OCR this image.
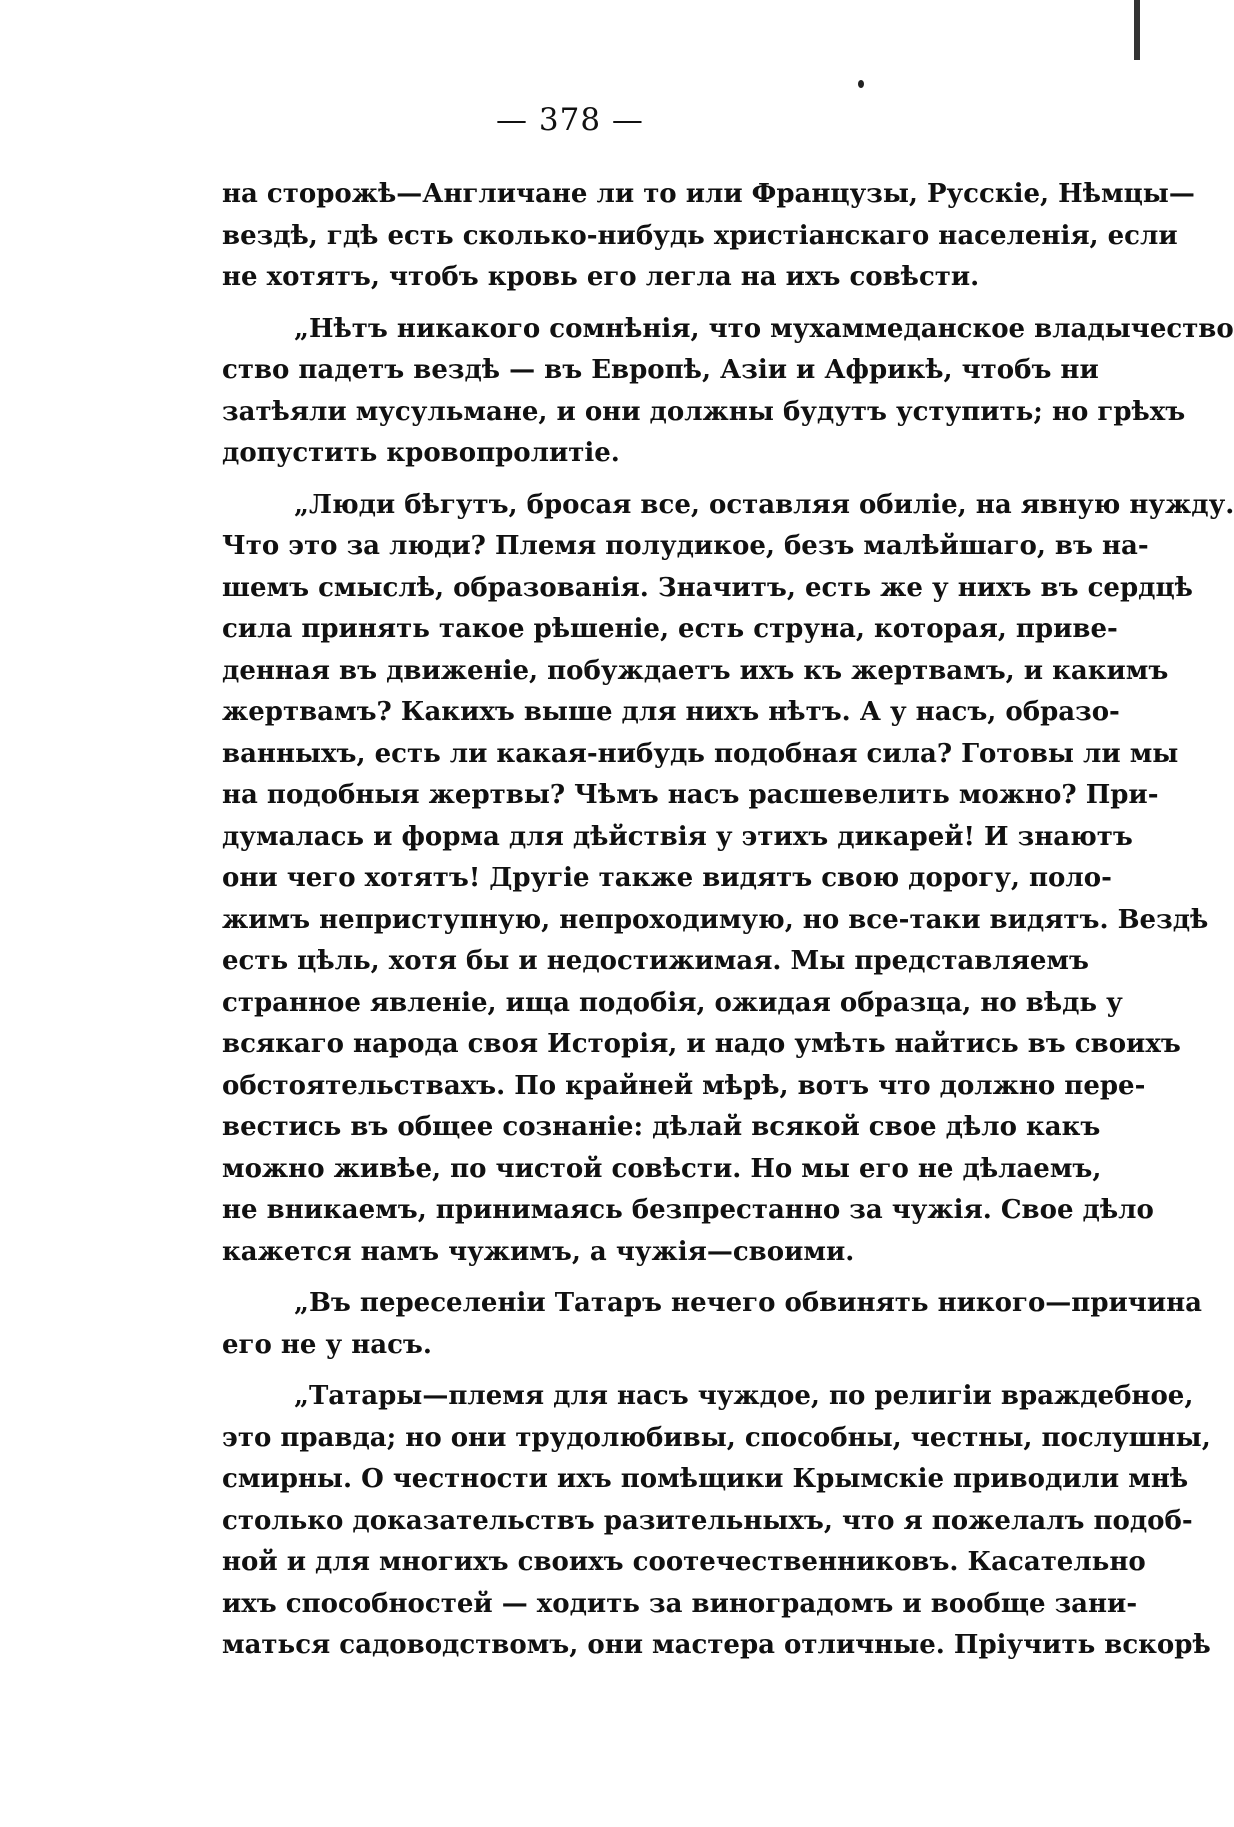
— 378 —
на сторожѣ—Англичане ли то или Французы, Русскіе, Нѣмцы—
вездѣ, гдѣ есть сколько-нибудь христіанскаго населенія, если
не хотятъ, чтобъ кровь его легла на ихъ совѣсти.
„Нѣтъ никакого сомнѣнія, что мухаммеданское владычество
ство падетъ вездѣ — въ Европѣ, Азіи и Африкѣ, чтобъ ни
затѣяли мусульмане, и они должны будутъ уступить; но грѣхъ
допустить кровопролитіе.
„Люди бѣгутъ, бросая все, оставляя обиліе, на явную нужду.
Что это за люди? Племя полудикое, безъ малѣйшаго, въ на-
шемъ смыслѣ, образованія. Значитъ, есть же у нихъ въ сердцѣ
сила принять такое рѣшеніе, есть струна, которая, приве-
денная въ движеніе, побуждаетъ ихъ къ жертвамъ, и какимъ
жертвамъ? Какихъ выше для нихъ нѣтъ. А у насъ, образо-
ванныхъ, есть ли какая-нибудь подобная сила? Готовы ли мы
на подобныя жертвы? Чѣмъ насъ расшевелить можно? При-
думалась и форма для дѣйствія у этихъ дикарей! И знаютъ
они чего хотятъ! Другіе также видятъ свою дорогу, поло-
жимъ неприступную, непроходимую, но все-таки видятъ. Вездѣ
есть цѣль, хотя бы и недостижимая. Мы представляемъ
странное явленіе, ища подобія, ожидая образца, но вѣдь у
всякаго народа своя Исторія, и надо умѣть найтись въ своихъ
обстоятельствахъ. По крайней мѣрѣ, вотъ что должно пере-
вестись въ общее сознаніе: дѣлай всякой свое дѣло какъ
можно живѣе, по чистой совѣсти. Но мы его не дѣлаемъ,
не вникаемъ, принимаясь безпрестанно за чужія. Свое дѣло
кажется намъ чужимъ, а чужія—своими.
„Въ переселеніи Татаръ нечего обвинять никого—причина
его не у насъ.
„Татары—племя для насъ чуждое, по религіи враждебное,
это правда; но они трудолюбивы, способны, честны, послушны,
смирны. О честности ихъ помѣщики Крымскіе приводили мнѣ
столько доказательствъ разительныхъ, что я пожелалъ подоб-
ной и для многихъ своихъ соотечественниковъ. Касательно
ихъ способностей — ходить за виноградомъ и вообще зани-
маться садоводствомъ, они мастера отличные. Пріучить вскорѣ
